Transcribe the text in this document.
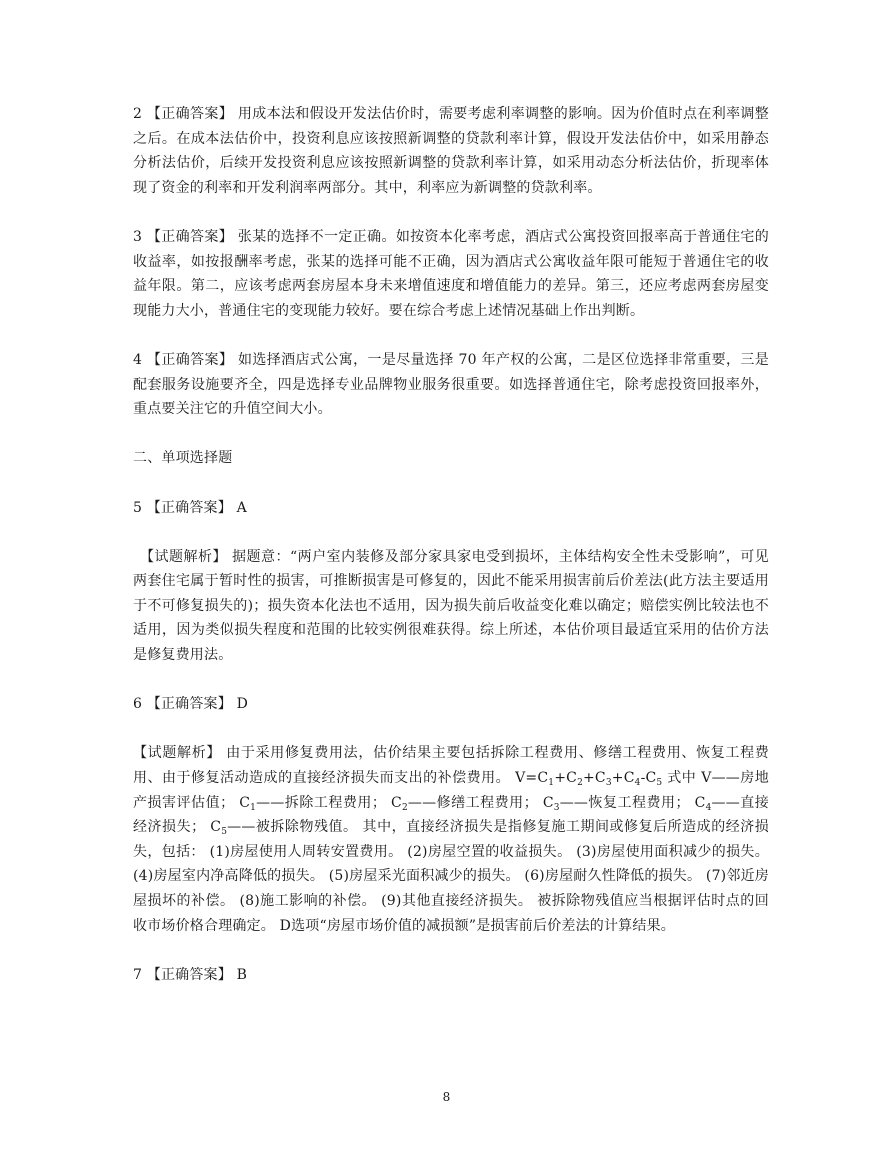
2 【正确答案】 用成本法和假设开发法估价时，需要考虑利率调整的影响。因为价值时点在利率调整之后。在成本法估价中，投资利息应该按照新调整的贷款利率计算，假设开发法估价中，如采用静态分析法估价，后续开发投资利息应该按照新调整的贷款利率计算，如采用动态分析法估价，折现率体现了资金的利率和开发利润率两部分。其中，利率应为新调整的贷款利率。

3 【正确答案】 张某的选择不一定正确。如按资本化率考虑，酒店式公寓投资回报率高于普通住宅的收益率，如按报酬率考虑，张某的选择可能不正确，因为酒店式公寓收益年限可能短于普通住宅的收益年限。第二，应该考虑两套房屋本身未来增值速度和增值能力的差异。第三，还应考虑两套房屋变现能力大小，普通住宅的变现能力较好。要在综合考虑上述情况基础上作出判断。

4 【正确答案】 如选择酒店式公寓，一是尽量选择 70 年产权的公寓，二是区位选择非常重要，三是配套服务设施要齐全，四是选择专业品牌物业服务很重要。如选择普通住宅，除考虑投资回报率外，重点要关注它的升值空间大小。

二、单项选择题

5 【正确答案】 A

【试题解析】 据题意：“两户室内装修及部分家具家电受到损坏，主体结构安全性未受影响”，可见两套住宅属于暂时性的损害，可推断损害是可修复的，因此不能采用损害前后价差法(此方法主要适用于不可修复损失的)；损失资本化法也不适用，因为损失前后收益变化难以确定；赔偿实例比较法也不适用，因为类似损失程度和范围的比较实例很难获得。综上所述，本估价项目最适宜采用的估价方法是修复费用法。

6 【正确答案】 D

【试题解析】 由于采用修复费用法，估价结果主要包括拆除工程费用、修缮工程费用、恢复工程费用、由于修复活动造成的直接经济损失而支出的补偿费用。 $V=C_1+C_2+C_3+C_4-C_5$ 式中 V——房地产损害评估值； $C_1——$拆除工程费用； $C_2——$修缮工程费用； $C_3——$恢复工程费用； $C_4——$直接经济损失； $C_5——$被拆除物残值。 其中，直接经济损失是指修复施工期间或修复后所造成的经济损失，包括： (1)房屋使用人周转安置费用。 (2)房屋空置的收益损失。 (3)房屋使用面积减少的损失。 (4)房屋室内净高降低的损失。 (5)房屋采光面积减少的损失。 (6)房屋耐久性降低的损失。 (7)邻近房屋损坏的补偿。 (8)施工影响的补偿。 (9)其他直接经济损失。 被拆除物残值应当根据评估时点的回收市场价格合理确定。 D选项“房屋市场价值的减损额”是损害前后价差法的计算结果。

7 【正确答案】 B

8
